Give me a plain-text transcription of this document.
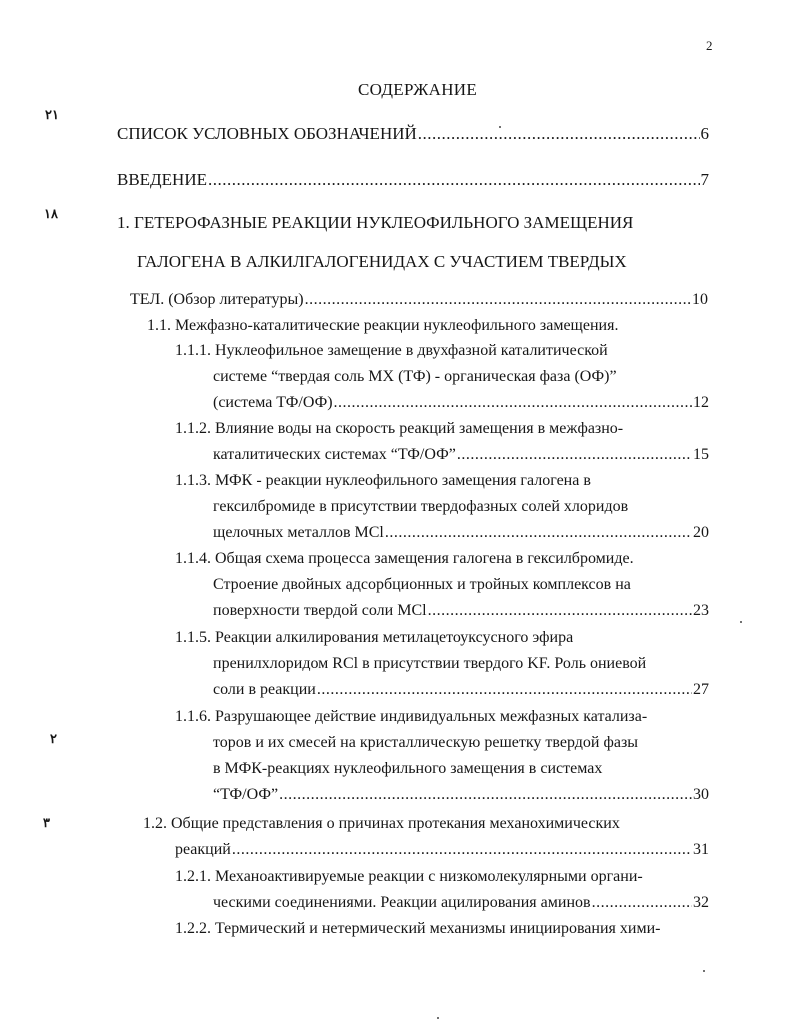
2
СОДЕРЖАНИЕ
۲۱
۱۸
۲
۳
СПИСОК УСЛОВНЫХ ОБОЗНАЧЕНИЙ .....	6
ВВЕДЕНИЕ .....	7
1. ГЕТЕРОФАЗНЫЕ РЕАКЦИИ НУКЛЕОФИЛЬНОГО ЗАМЕЩЕНИЯ
ГАЛОГЕНА В АЛКИЛГАЛОГЕНИДАХ С УЧАСТИЕМ ТВЕРДЫХ
ТЕЛ. (Обзор литературы) .....	10
1.1. Межфазно-каталитические реакции нуклеофильного замещения.
1.1.1. Нуклеофильное замещение в двухфазной каталитической
системе “твердая соль MX (ТФ) - органическая фаза (ОФ)”
(система ТФ/ОФ) .....	12
1.1.2. Влияние воды на скорость реакций замещения в межфазно-
каталитических системах “ТФ/ОФ” .....	15
1.1.3. МФК - реакции нуклеофильного замещения галогена в
гексилбромиде в присутствии твердофазных солей хлоридов
щелочных металлов MCl .....	20
1.1.4. Общая схема процесса замещения галогена в гексилбромиде.
Строение двойных адсорбционных и тройных комплексов на
поверхности твердой соли MCl .....	23
1.1.5. Реакции алкилирования метилацетоуксусного эфира
пренилхлоридом RCl в присутствии твердого KF. Роль ониевой
соли в реакции .....	27
1.1.6. Разрушающее действие индивидуальных межфазных катализа-
торов и их смесей на кристаллическую решетку твердой фазы
в МФК-реакциях нуклеофильного замещения в системах
“ТФ/ОФ” .....	30
1.2. Общие представления о причинах протекания механохимических
реакций .....	31
1.2.1. Механоактивируемые реакции с низкомолекулярными органи-
ческими соединениями. Реакции ацилирования аминов .....	32
1.2.2. Термический и нетермический механизмы инициирования хими-
